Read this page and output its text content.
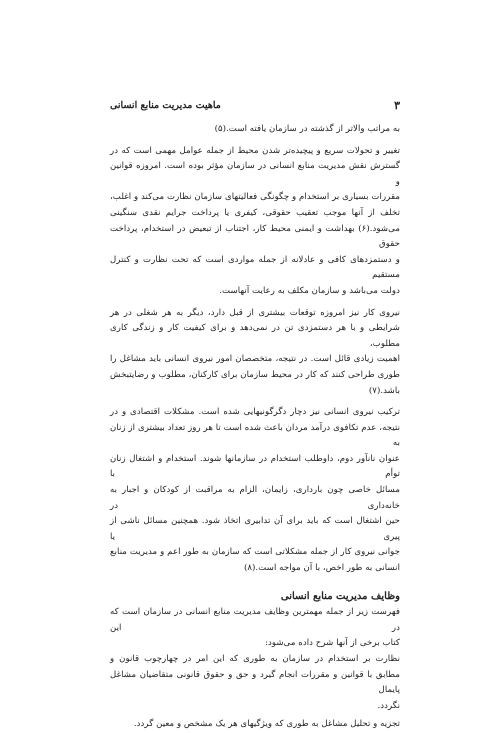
۳
ماهیت مدیریت منابع انسانی

به مراتب والاتر از گذشته در سازمان یافته است.(۵)

تغییر و تحولات سریع و پیچیده‌تر شدن محیط از جمله عوامل مهمی است که در
گسترش نقش مدیریت منابع انسانی در سازمان مؤثر بوده است. امروزه قوانین و
مقررات بسیاری بر استخدام و چگونگی فعالیتهای سازمان نظارت می‌کند و اغلب،
تخلف از آنها موجب تعقیب حقوقی، کیفری یا پرداخت جرایم نقدی سنگینی
می‌شود.(۶) بهداشت و ایمنی محیط کار، اجتناب از تبعیض در استخدام، پرداخت حقوق
و دستمزدهای کافی و عادلانه از جمله مواردی است که تحت نظارت و کنترل مستقیم
دولت می‌باشد و سازمان مکلف به رعایت آنهاست.

نیروی کار نیز امروزه توقعات بیشتری از قبل دارد، دیگر به هر شغلی در هر
شرایطی و با هر دستمزدی تن در نمی‌دهد و برای کیفیت کار و زندگی کاری مطلوب،
اهمیت زیادی قائل است. در نتیجه، متخصصان امور نیروی انسانی باید مشاغل را
طوری طراحی کنند که کار در محیط سازمان برای کارکنان، مطلوب و رضایتبخش
باشد.(۷)

ترکیب نیروی انسانی نیز دچار دگرگونیهایی شده است. مشکلات اقتصادی و در
نتیجه، عدم تکافوی درآمد مردان باعث شده است تا هر روز تعداد بیشتری از زنان به
عنوان نانآور دوم، داوطلب استخدام در سازمانها شوند. استخدام و اشتغال زنان توأم با
مسائل خاصی چون بارداری، زایمان، الزام به مراقبت از کودکان و اجبار به خانه‌داری در
حین اشتغال است که باید برای آن تدابیری اتخاذ شود. همچنین مسائل ناشی از پیری یا
جوانی نیروی کار از جمله مشکلاتی است که سازمان به طور اعم و مدیریت منابع
انسانی به طور اخص، با آن مواجه است.(۸)

وظایف مدیریت منابع انسانی

فهرست زیر از جمله مهمترین وظایف مدیریت منابع انسانی در سازمان است که در این
کتاب برخی از آنها شرح داده می‌شود:

نظارت بر استخدام در سازمان به طوری که این امر در چهارچوب قانون و
مطابق با قوانین و مقررات انجام گیرد و حق و حقوق قانونی متقاضیان مشاغل پایمال
نگردد.

تجزیه و تحلیل مشاغل به طوری که ویژگیهای هر یک مشخص و معین گردد.
